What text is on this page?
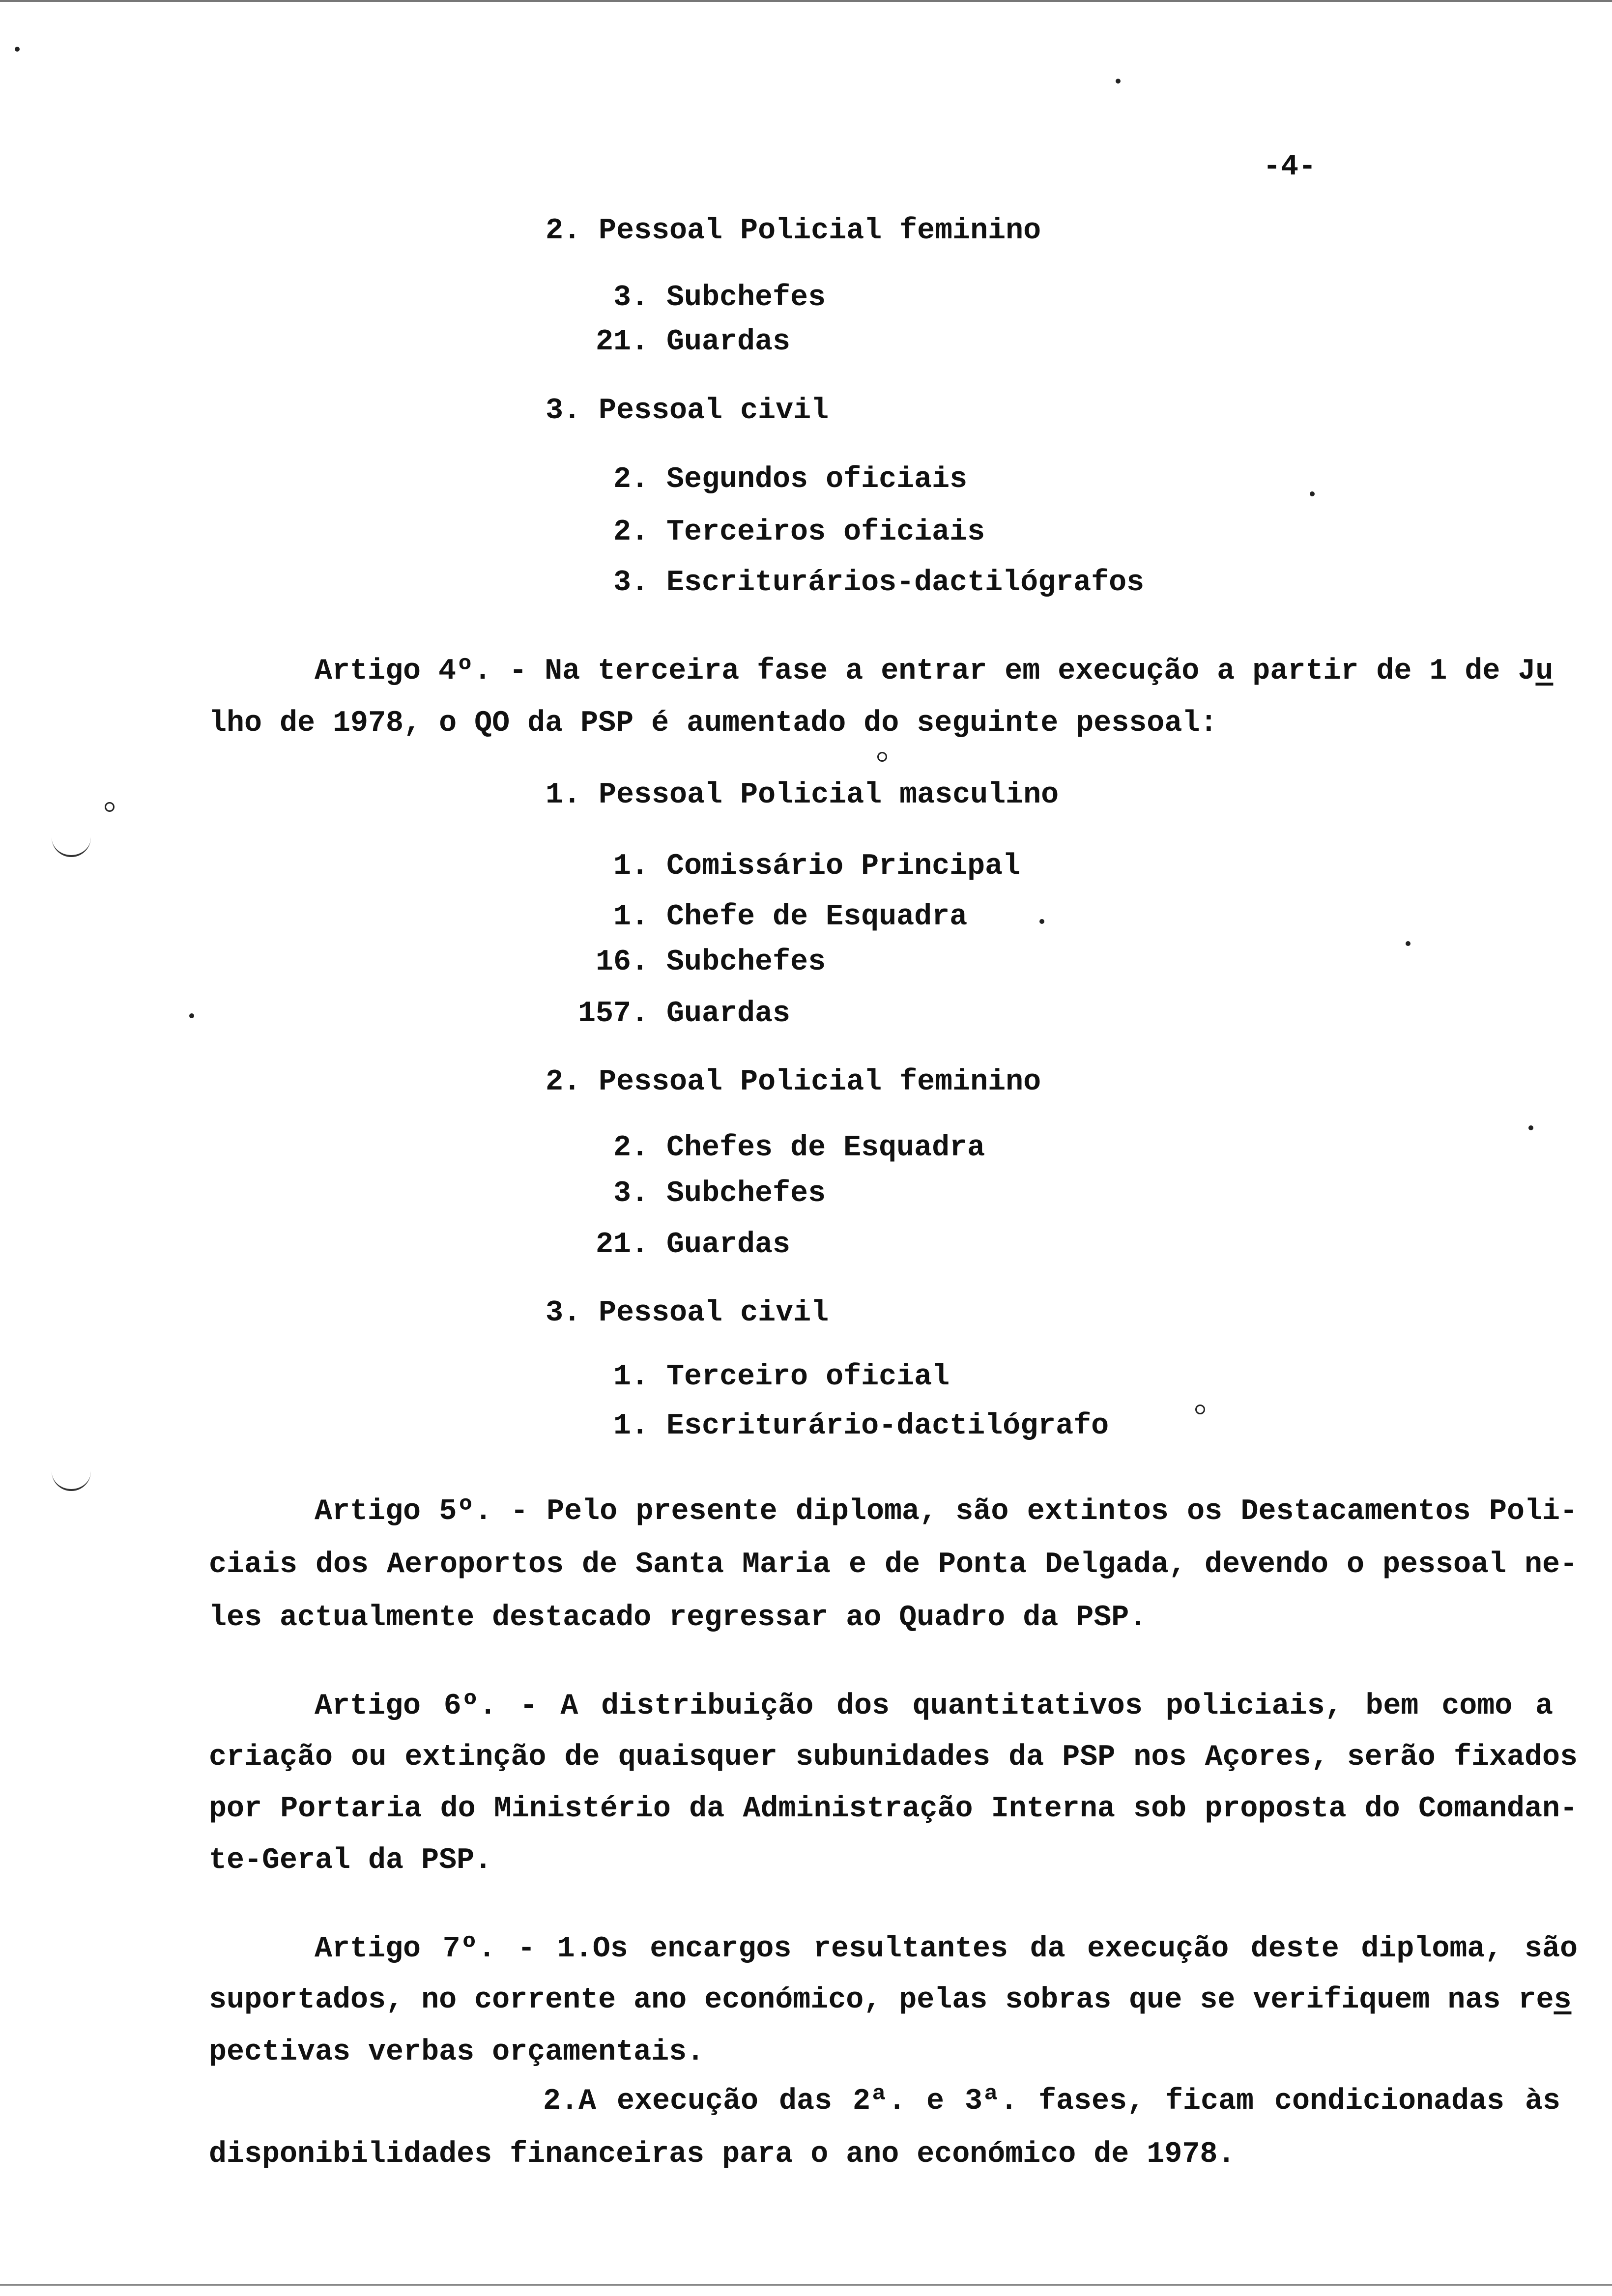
-4-
2. Pessoal Policial feminino
3. Subchefes
21. Guardas
3. Pessoal civil
2. Segundos oficiais
2. Terceiros oficiais
3. Escriturários-dactilógrafos
Artigo 4º. - Na terceira fase a entrar em execução a partir de 1 de Ju
lho de 1978, o QO da PSP é aumentado do seguinte pessoal:
1. Pessoal Policial masculino
1. Comissário Principal
1. Chefe de Esquadra
16. Subchefes
157. Guardas
2. Pessoal Policial feminino
2. Chefes de Esquadra
3. Subchefes
21. Guardas
3. Pessoal civil
1. Terceiro oficial
1. Escriturário-dactilógrafo
Artigo 5º. - Pelo presente diploma, são extintos os Destacamentos Poli-
ciais dos Aeroportos de Santa Maria e de Ponta Delgada, devendo o pessoal ne-
les actualmente destacado regressar ao Quadro da PSP.
Artigo 6º. - A distribuição dos quantitativos policiais, bem como a
criação ou extinção de quaisquer subunidades da PSP nos Açores, serão fixados
por Portaria do Ministério da Administração Interna sob proposta do Comandan-
te-Geral da PSP.
Artigo 7º. - 1.Os encargos resultantes da execução deste diploma, são
suportados, no corrente ano económico, pelas sobras que se verifiquem nas res
pectivas verbas orçamentais.
2.A execução das 2ª. e 3ª. fases, ficam condicionadas às
disponibilidades financeiras para o ano económico de 1978.
